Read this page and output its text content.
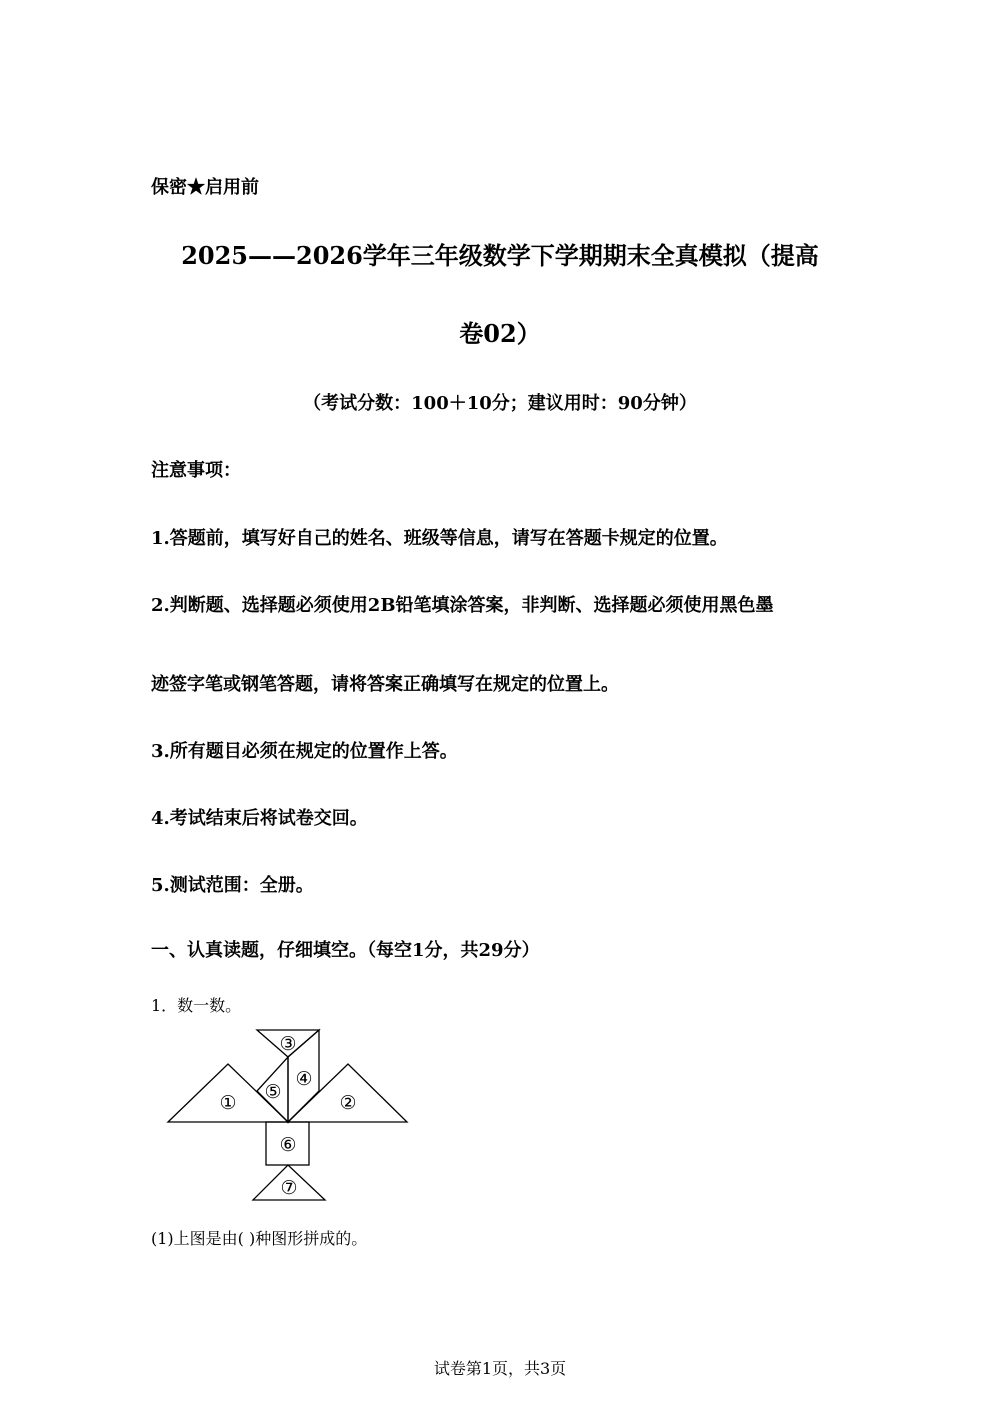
保密★启用前
2025——2026学年三年级数学下学期期末全真模拟（提高
卷02）
（考试分数：100＋10分；建议用时：90分钟）
注意事项：
1.答题前，填写好自己的姓名、班级等信息，请写在答题卡规定的位置。
2.判断题、选择题必须使用2B铅笔填涂答案，非判断、选择题必须使用黑色墨
迹签字笔或钢笔答题，请将答案正确填写在规定的位置上。
3.所有题目必须在规定的位置作上答。
4.考试结束后将试卷交回。
5.测试范围：全册。
一、认真读题，仔细填空。（每空1分，共29分）
1．数一数。
①	②
③
④
⑤
⑥
⑦
(1)上图是由( )种图形拼成的。
试卷第1页，共3页
